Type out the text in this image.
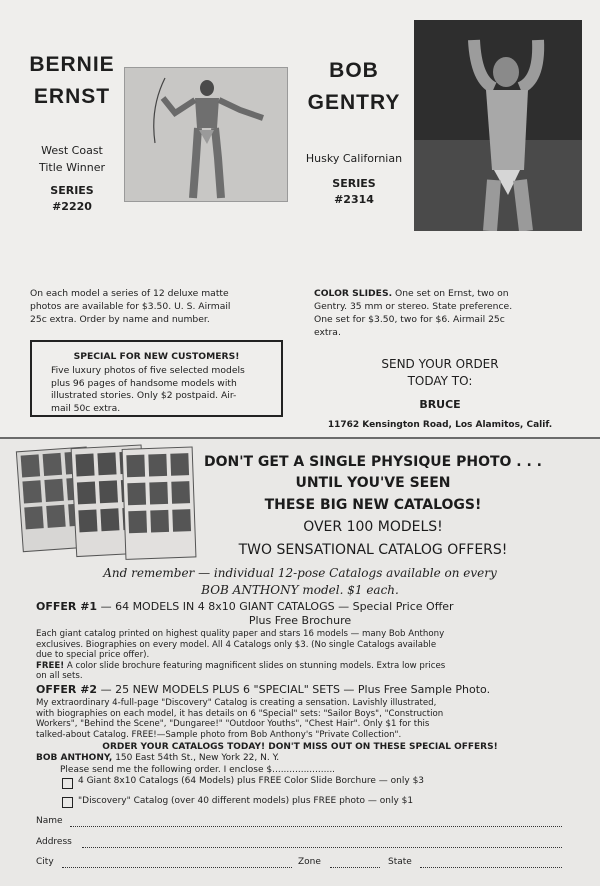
BERNIE
ERNST
West Coast
Title Winner
SERIES
#2220
BOB
GENTRY
Husky Californian
SERIES
#2314
On each model a series of 12 deluxe matte
photos are available for $3.50. U. S. Airmail
25c extra. Order by name and number.
COLOR SLIDES. One set on Ernst, two on
Gentry. 35 mm or stereo. State preference.
One set for $3.50, two for $6. Airmail 25c
extra.
SPECIAL FOR NEW CUSTOMERS!
Five luxury photos of five selected models
plus 96 pages of handsome models with
illustrated stories. Only $2 postpaid. Air-
mail 50c extra.
SEND YOUR ORDER
TODAY TO:
BRUCE
11762 Kensington Road, Los Alamitos, Calif.
DON'T GET A SINGLE PHYSIQUE PHOTO . . .
UNTIL YOU'VE SEEN
THESE BIG NEW CATALOGS!
OVER 100 MODELS!
TWO SENSATIONAL CATALOG OFFERS!
And remember — individual 12-pose Catalogs available on every
BOB ANTHONY model. $1 each.
OFFER #1 — 64 MODELS IN 4 8x10 GIANT CATALOGS — Special Price Offer
Plus Free Brochure
Each giant catalog printed on highest quality paper and stars 16 models — many Bob Anthony
exclusives. Biographies on every model. All 4 Catalogs only $3. (No single Catalogs available
due to special price offer).
FREE! A color slide brochure featuring magnificent slides on stunning models. Extra low prices
on all sets.
OFFER #2 — 25 NEW MODELS PLUS 6 "SPECIAL" SETS — Plus Free Sample Photo.
My extraordinary 4-full-page "Discovery" Catalog is creating a sensation. Lavishly illustrated,
with biographies on each model, it has details on 6 "Special" sets: "Sailor Boys", "Construction
Workers", "Behind the Scene", "Dungaree!" "Outdoor Youths", "Chest Hair". Only $1 for this
talked-about Catalog. FREE!—Sample photo from Bob Anthony's "Private Collection".
ORDER YOUR CATALOGS TODAY! DON'T MISS OUT ON THESE SPECIAL OFFERS!
BOB ANTHONY, 150 East 54th St., New York 22, N. Y.
Please send me the following order. I enclose $......................
4 Giant 8x10 Catalogs (64 Models) plus FREE Color Slide Borchure — only $3
"Discovery" Catalog (over 40 different models) plus FREE photo — only $1
Name
Address
City	Zone	State
